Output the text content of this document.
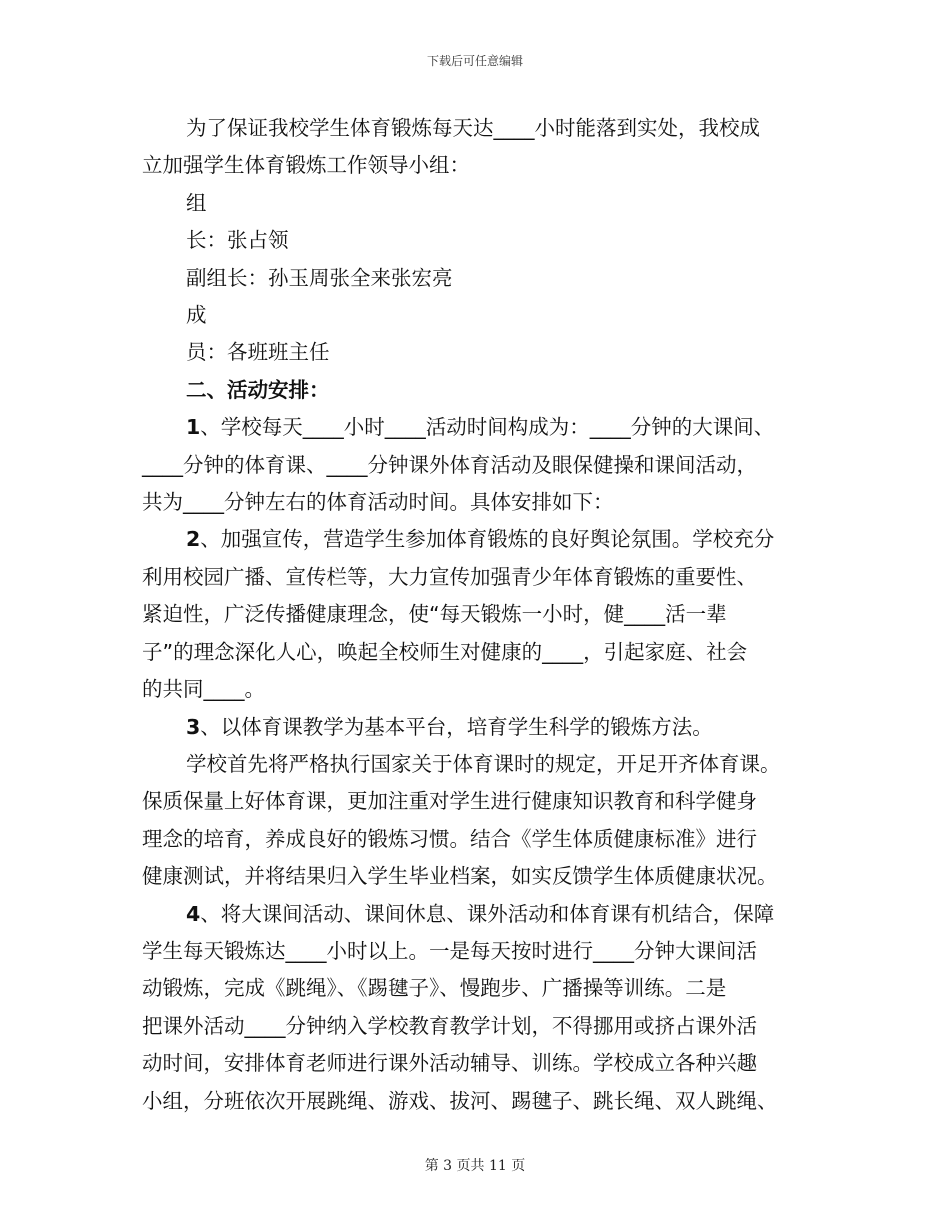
下载后可任意编辑
为了保证我校学生体育锻炼每天达____小时能落到实处，我校成
立加强学生体育锻炼工作领导小组：
组
长：张占领
副组长：孙玉周张全来张宏亮
成
员：各班班主任
二、活动安排：
1、学校每天____小时____活动时间构成为：____分钟的大课间、
____分钟的体育课、____分钟课外体育活动及眼保健操和课间活动，
共为____分钟左右的体育活动时间。具体安排如下：
2、加强宣传，营造学生参加体育锻炼的良好舆论氛围。学校充分
利用校园广播、宣传栏等，大力宣传加强青少年体育锻炼的重要性、
紧迫性，广泛传播健康理念，使“每天锻炼一小时，健____活一辈
子”的理念深化人心，唤起全校师生对健康的____，引起家庭、社会
的共同____。
3、以体育课教学为基本平台，培育学生科学的锻炼方法。
学校首先将严格执行国家关于体育课时的规定，开足开齐体育课。
保质保量上好体育课，更加注重对学生进行健康知识教育和科学健身
理念的培育，养成良好的锻炼习惯。结合《学生体质健康标准》进行
健康测试，并将结果归入学生毕业档案，如实反馈学生体质健康状况。
4、将大课间活动、课间休息、课外活动和体育课有机结合，保障
学生每天锻炼达____小时以上。一是每天按时进行____分钟大课间活
动锻炼，完成《跳绳》、《踢毽子》、慢跑步、广播操等训练。二是
把课外活动____分钟纳入学校教育教学计划，不得挪用或挤占课外活
动时间，安排体育老师进行课外活动辅导、训练。学校成立各种兴趣
小组，分班依次开展跳绳、游戏、拔河、踢毽子、跳长绳、双人跳绳、
第 3 页共 11 页
